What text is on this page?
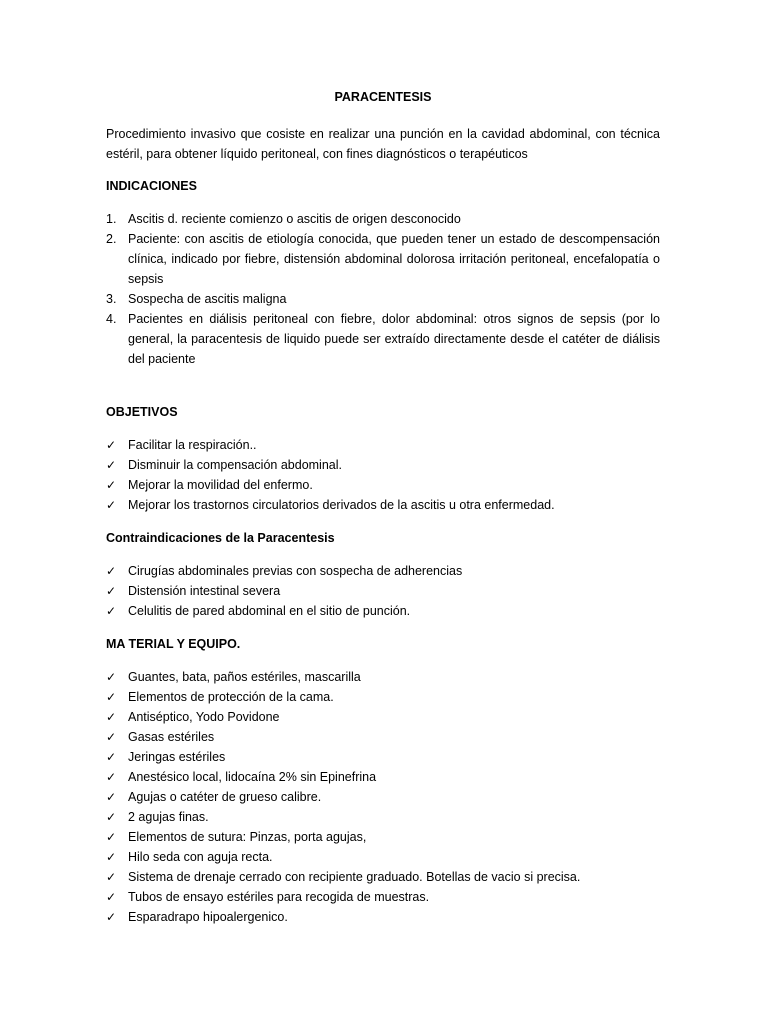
PARACENTESIS

Procedimiento invasivo que cosiste en realizar una punción en la cavidad abdominal, con técnica estéril, para obtener líquido peritoneal, con fines diagnósticos o terapéuticos

INDICACIONES
1. Ascitis d. reciente comienzo o ascitis de origen desconocido
2. Paciente: con ascitis de etiología conocida, que pueden tener un estado de descompensación clínica, indicado por fiebre, distensión abdominal dolorosa irritación peritoneal, encefalopatía o sepsis
3. Sospecha de ascitis maligna
4. Pacientes en diálisis peritoneal con fiebre, dolor abdominal: otros signos de sepsis (por lo general, la paracentesis de liquido puede ser extraído directamente desde el catéter de diálisis del paciente
OBJETIVOS
✓ Facilitar la respiración..
✓ Disminuir la compensación abdominal.
✓ Mejorar la movilidad del enfermo.
✓ Mejorar los trastornos circulatorios derivados de la ascitis u otra enfermedad.
Contraindicaciones de la Paracentesis
✓ Cirugías abdominales previas con sospecha de adherencias
✓ Distensión intestinal severa
✓ Celulitis de pared abdominal en el sitio de punción.
MA TERIAL Y EQUIPO.
✓ Guantes, bata, paños estériles, mascarilla
✓ Elementos de protección de la cama.
✓ Antiséptico, Yodo Povidone
✓ Gasas estériles
✓ Jeringas estériles
✓ Anestésico local, lidocaína 2% sin Epinefrina
✓ Agujas o catéter de grueso calibre.
✓ 2 agujas finas.
✓ Elementos de sutura: Pinzas, porta agujas,
✓ Hilo seda con aguja recta.
✓ Sistema de drenaje cerrado con recipiente graduado. Botellas de vacio si precisa.
✓ Tubos de ensayo estériles para recogida de muestras.
✓ Esparadrapo hipoalergenico.
